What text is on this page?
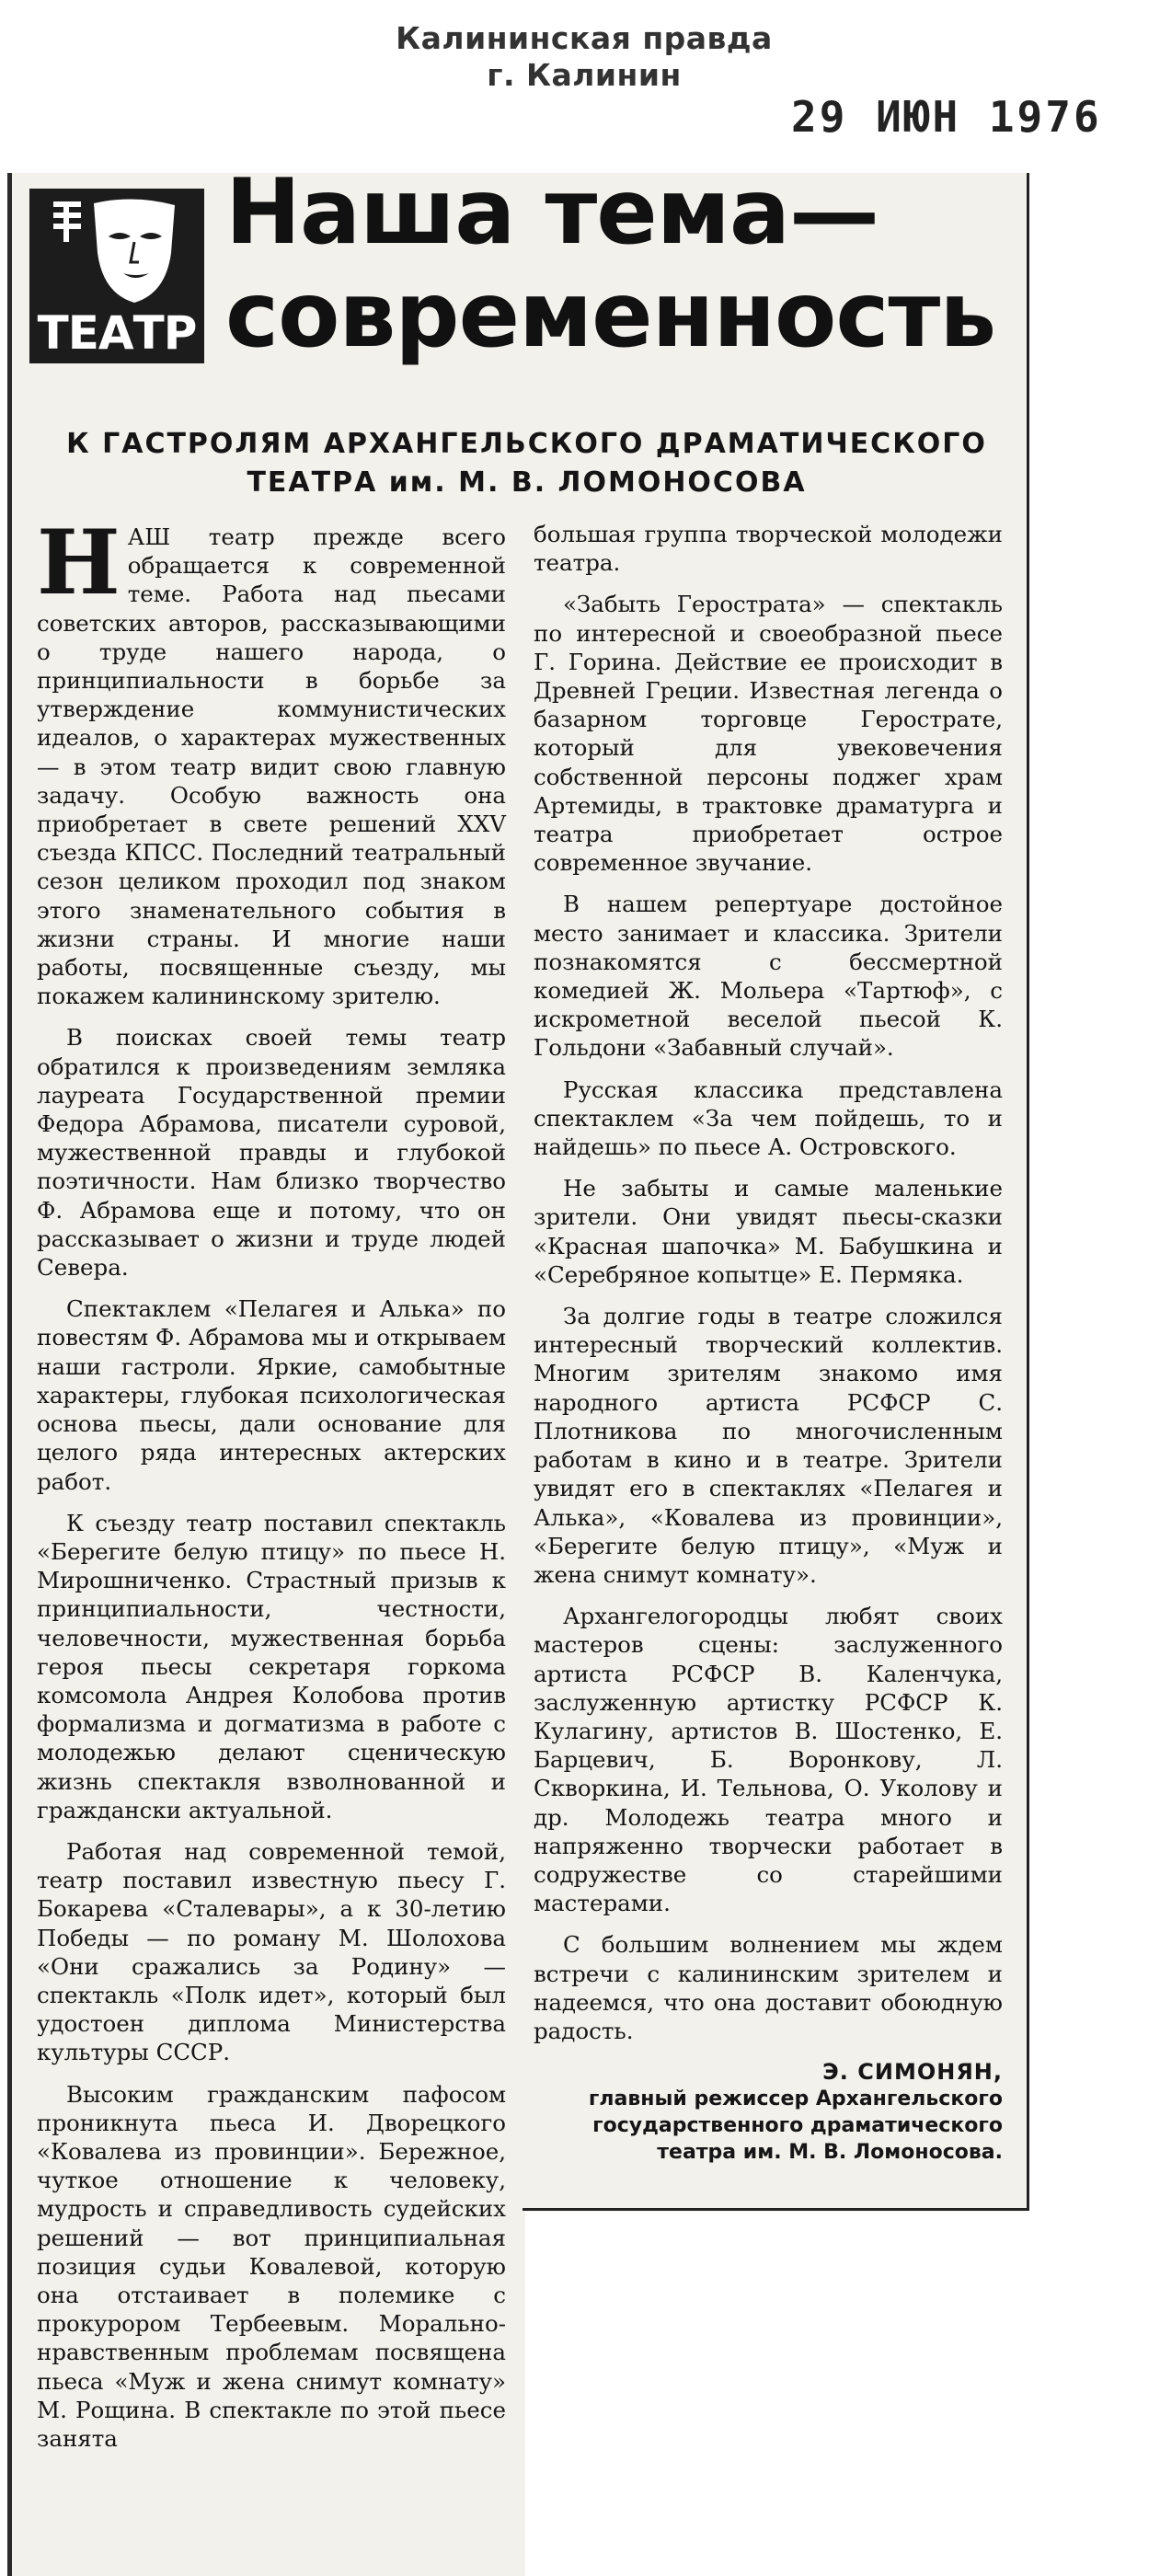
Калининская правда
г. Калинин
29 ИЮН 1976
ТЕАТР
Наша тема—
современность
К ГАСТРОЛЯМ АРХАНГЕЛЬСКОГО ДРАМАТИЧЕСКОГО
ТЕАТРА им. М. В. ЛОМОНОСОВА

НАШ театр прежде всего обращается к современной теме. Работа над пьесами советских авторов, рассказывающими о труде нашего народа, о принципиальности в борьбе за утверждение коммунистических идеалов, о характерах мужественных — в этом театр видит свою главную задачу. Особую важность она приобретает в свете решений XXV съезда КПСС. Последний театральный сезон целиком проходил под знаком этого знаменательного события в жизни страны. И многие наши работы, посвященные съезду, мы покажем калининскому зрителю.

В поисках своей темы театр обратился к произведениям земляка лауреата Государственной премии Федора Абрамова, писатели суровой, мужественной правды и глубокой поэтичности. Нам близко творчество Ф. Абрамова еще и потому, что он рассказывает о жизни и труде людей Севера.

Спектаклем «Пелагея и Алька» по повестям Ф. Абрамова мы и открываем наши гастроли. Яркие, самобытные характеры, глубокая психологическая основа пьесы, дали основание для целого ряда интересных актерских работ.

К съезду театр поставил спектакль «Берегите белую птицу» по пьесе Н. Мирошниченко. Страстный призыв к принципиальности, честности, человечности, мужественная борьба героя пьесы секретаря горкома комсомола Андрея Колобова против формализма и догматизма в работе с молодежью делают сценическую жизнь спектакля взволнованной и граждански актуальной.

Работая над современной темой, театр поставил известную пьесу Г. Бокарева «Сталевары», а к 30-летию Победы — по роману М. Шолохова «Они сражались за Родину» — спектакль «Полк идет», который был удостоен диплома Министерства культуры СССР.

Высоким гражданским пафосом проникнута пьеса И. Дворецкого «Ковалева из провинции». Бережное, чуткое отношение к человеку, мудрость и справедливость судейских решений — вот принципиальная позиция судьи Ковалевой, которую она отстаивает в полемике с прокурором Тербеевым. Морально-нравственным проблемам посвящена пьеса «Муж и жена снимут комнату» М. Рощина. В спектакле по этой пьесе занята

большая группа творческой молодежи театра.

«Забыть Герострата» — спектакль по интересной и своеобразной пьесе Г. Горина. Действие ее происходит в Древней Греции. Известная легенда о базарном торговце Герострате, который для увековечения собственной персоны поджег храм Артемиды, в трактовке драматурга и театра приобретает острое современное звучание.

В нашем репертуаре достойное место занимает и классика. Зрители познакомятся с бессмертной комедией Ж. Мольера «Тартюф», с искрометной веселой пьесой К. Гольдони «Забавный случай».

Русская классика представлена спектаклем «За чем пойдешь, то и найдешь» по пьесе А. Островского.

Не забыты и самые маленькие зрители. Они увидят пьесы-сказки «Красная шапочка» М. Бабушкина и «Серебряное копытце» Е. Пермяка.

За долгие годы в театре сложился интересный творческий коллектив. Многим зрителям знакомо имя народного артиста РСФСР С. Плотникова по многочисленным работам в кино и в театре. Зрители увидят его в спектаклях «Пелагея и Алька», «Ковалева из провинции», «Берегите белую птицу», «Муж и жена снимут комнату».

Архангелогородцы любят своих мастеров сцены: заслуженного артиста РСФСР В. Каленчука, заслуженную артистку РСФСР К. Кулагину, артистов В. Шостенко, Е. Барцевич, Б. Воронкову, Л. Скворкина, И. Тельнова, О. Уколову и др. Молодежь театра много и напряженно творчески работает в содружестве со старейшими мастерами.

С большим волнением мы ждем встречи с калининским зрителем и надеемся, что она доставит обоюдную радость.

Э. СИМОНЯН,
главный режиссер Архангельского государственного драматического театра им. М. В. Ломоносова.
